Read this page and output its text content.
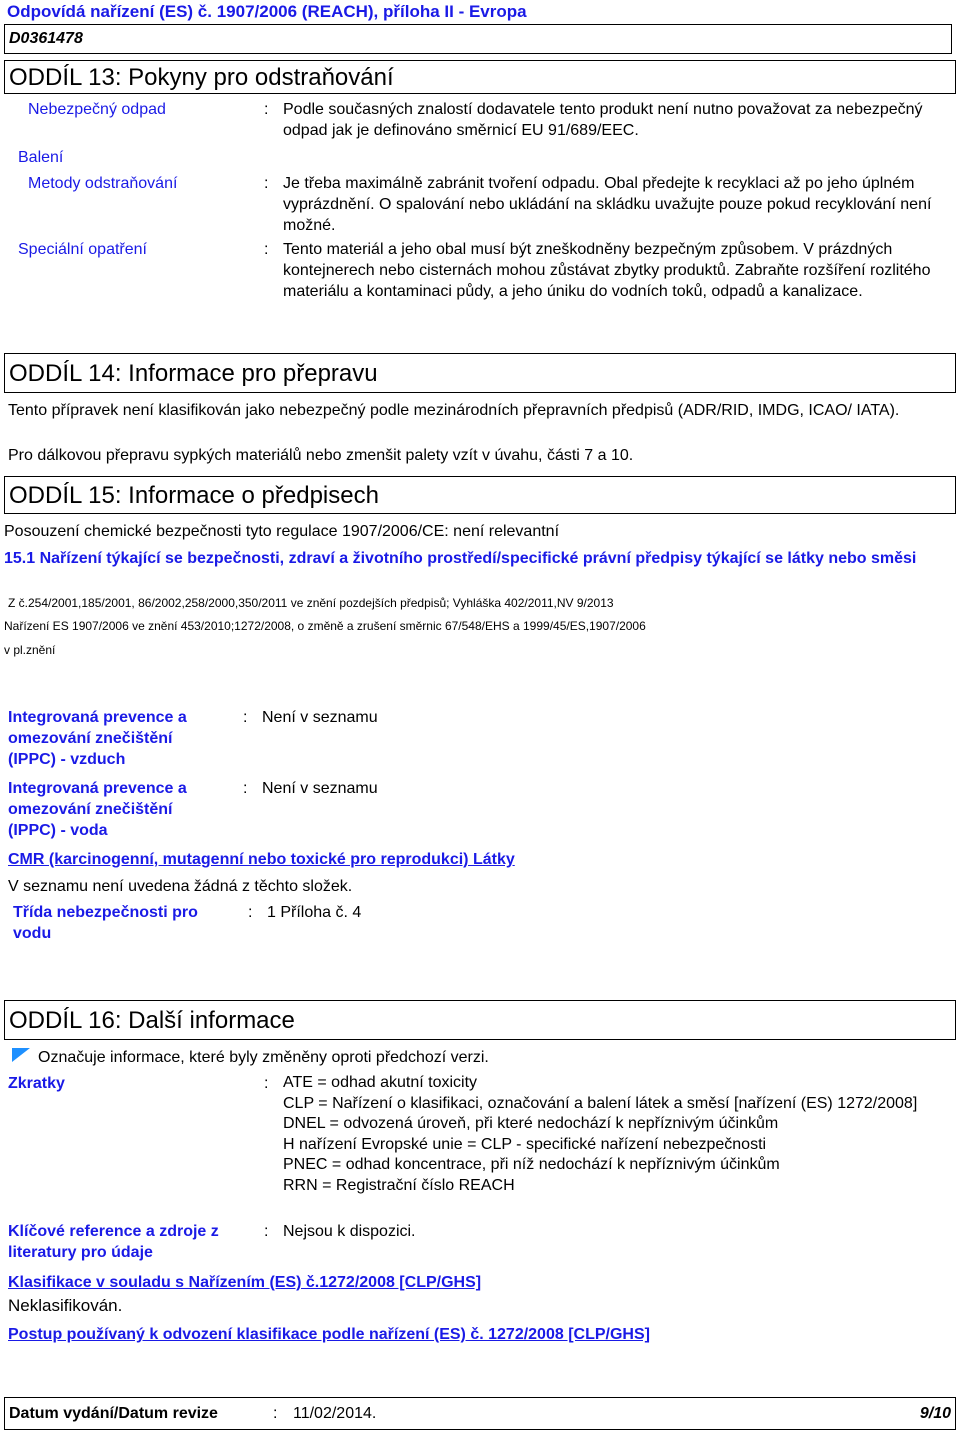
Odpovídá nařízení (ES) č. 1907/2006 (REACH), příloha II - Evropa
D0361478
ODDÍL 13: Pokyny pro odstraňování
Nebezpečný odpad	: Podle současných znalostí dodavatele tento produkt není nutno považovat za nebezpečný odpad jak je definováno směrnicí EU 91/689/EEC.
Balení
Metody odstraňování	: Je třeba maximálně zabránit tvoření odpadu. Obal předejte k recyklaci až po jeho úplném vyprázdnění. O spalování nebo ukládání na skládku uvažujte pouze pokud recyklování není možné.
Speciální opatření	: Tento materiál a jeho obal musí být zneškodněny bezpečným způsobem. V prázdných kontejnerech nebo cisternách mohou zůstávat zbytky produktů. Zabraňte rozšíření rozlitého materiálu a kontaminaci půdy, a jeho úniku do vodních toků, odpadů a kanalizace.
ODDÍL 14: Informace pro přepravu
Tento přípravek není klasifikován jako nebezpečný podle mezinárodních přepravních předpisů (ADR/RID, IMDG, ICAO/ IATA).
Pro dálkovou přepravu sypkých materiálů nebo zmenšit palety vzít v úvahu, části 7 a 10.
ODDÍL 15: Informace o předpisech
Posouzení chemické bezpečnosti tyto regulace 1907/2006/CE: není relevantní
15.1 Nařízení týkající se bezpečnosti, zdraví a životního prostředí/specifické právní předpisy týkající se látky nebo směsi
Z č.254/2001,185/2001, 86/2002,258/2000,350/2011 ve znění pozdejších předpisů; Vyhláška 402/2011,NV 9/2013
Nařízení ES 1907/2006 ve znění 453/2010;1272/2008, o změně a zrušení směrnic 67/548/EHS a 1999/45/ES,1907/2006
v pl.znění
Integrovaná prevence a omezování znečištění (IPPC) - vzduch
: Není v seznamu
Integrovaná prevence a omezování znečištění (IPPC) - voda
: Není v seznamu
CMR (karcinogenní, mutagenní nebo toxické pro reprodukci) Látky
V seznamu není uvedena žádná z těchto složek.
Třída nebezpečnosti pro vodu
: 1 Příloha č. 4
ODDÍL 16: Další informace
Označuje informace, které byly změněny oproti předchozí verzi.
Zkratky	: ATE = odhad akutní toxicity
CLP = Nařízení o klasifikaci, označování a balení látek a směsí [nařízení (ES) 1272/2008]
DNEL = odvozená úroveň, při které nedochází k nepříznivým účinkům
H nařízení Evropské unie = CLP - specifické nařízení nebezpečnosti
PNEC = odhad koncentrace, při níž nedochází k nepříznivým účinkům
RRN = Registrační číslo REACH
Klíčové reference a zdroje z literatury pro údaje
: Nejsou k dispozici.
Klasifikace v souladu s Nařízením (ES) č.1272/2008 [CLP/GHS]
Neklasifikován.
Postup používaný k odvození klasifikace podle nařízení (ES) č. 1272/2008 [CLP/GHS]
Datum vydání/Datum revize	: 11/02/2014.	9/10
